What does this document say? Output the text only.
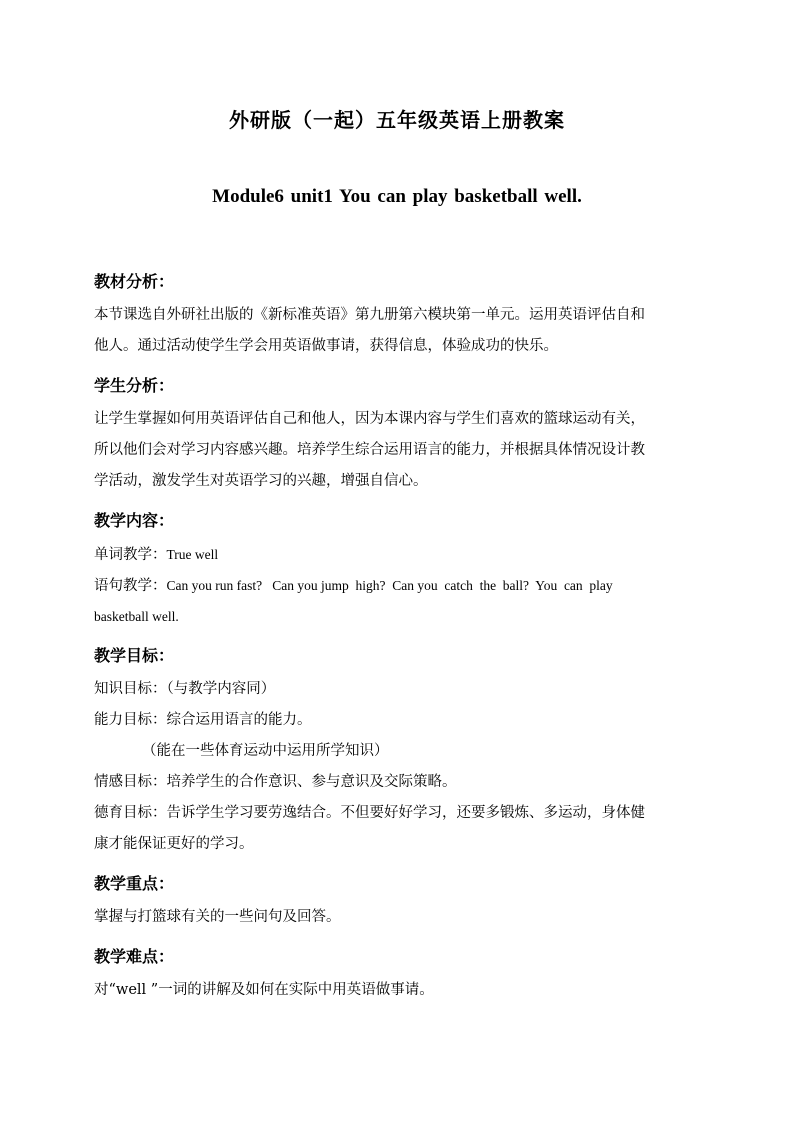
外研版（一起）五年级英语上册教案
Module6 unit1 You can play basketball well.
教材分析：
本节课选自外研社出版的《新标准英语》第九册第六模块第一单元。运用英语评估自和
他人。通过活动使学生学会用英语做事请，获得信息，体验成功的快乐。
学生分析：
让学生掌握如何用英语评估自己和他人，因为本课内容与学生们喜欢的篮球运动有关，
所以他们会对学习内容感兴趣。培养学生综合运用语言的能力，并根据具体情况设计教
学活动，激发学生对英语学习的兴趣，增强自信心。
教学内容：
单词教学：True well
语句教学：Can you run fast?   Can you jump  high?  Can you  catch  the  ball?  You  can  play
basketball well.
教学目标：
知识目标：（与教学内容同）
能力目标：综合运用语言的能力。
（能在一些体育运动中运用所学知识）
情感目标：培养学生的合作意识、参与意识及交际策略。
德育目标：告诉学生学习要劳逸结合。不但要好好学习，还要多锻炼、多运动，身体健
康才能保证更好的学习。
教学重点：
掌握与打篮球有关的一些问句及回答。
教学难点：
对“well ”一词的讲解及如何在实际中用英语做事请。
